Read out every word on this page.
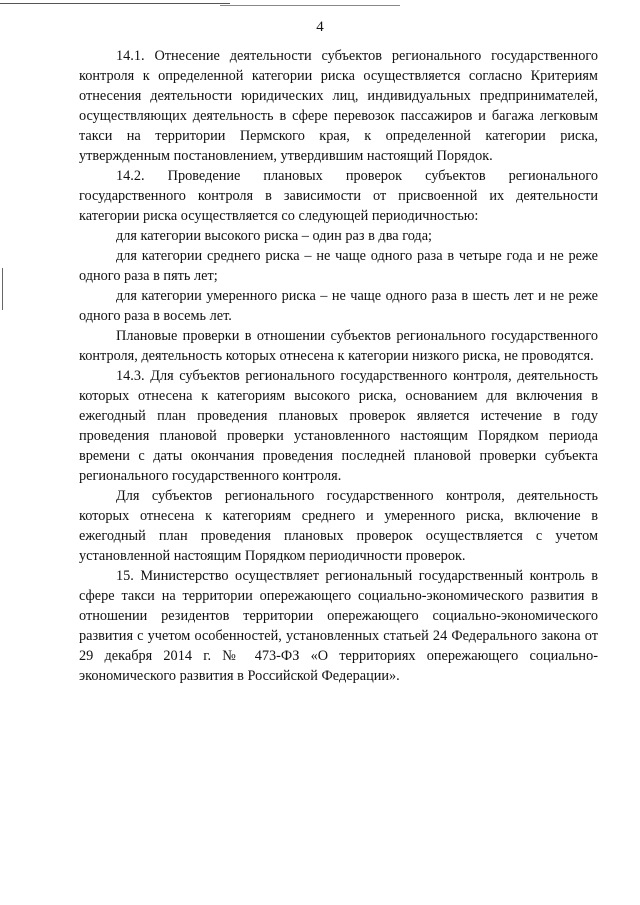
4

14.1. Отнесение деятельности субъектов регионального государственного контроля к определенной категории риска осуществляется согласно Критериям отнесения деятельности юридических лиц, индивидуальных предпринимателей, осуществляющих деятельность в сфере перевозок пассажиров и багажа легковым такси на территории Пермского края, к определенной категории риска, утвержденным постановлением, утвердившим настоящий Порядок.

14.2. Проведение плановых проверок субъектов регионального государственного контроля в зависимости от присвоенной их деятельности категории риска осуществляется со следующей периодичностью:

для категории высокого риска – один раз в два года;

для категории среднего риска – не чаще одного раза в четыре года и не реже одного раза в пять лет;

для категории умеренного риска – не чаще одного раза в шесть лет и не реже одного раза в восемь лет.

Плановые проверки в отношении субъектов регионального государственного контроля, деятельность которых отнесена к категории низкого риска, не проводятся.

14.3. Для субъектов регионального государственного контроля, деятельность которых отнесена к категориям высокого риска, основанием для включения в ежегодный план проведения плановых проверок является истечение в году проведения плановой проверки установленного настоящим Порядком периода времени с даты окончания проведения последней плановой проверки субъекта регионального государственного контроля.

Для субъектов регионального государственного контроля, деятельность которых отнесена к категориям среднего и умеренного риска, включение в ежегодный план проведения плановых проверок осуществляется с учетом установленной настоящим Порядком периодичности проверок.

15. Министерство осуществляет региональный государственный контроль в сфере такси на территории опережающего социально-экономического развития в отношении резидентов территории опережающего социально-экономического развития с учетом особенностей, установленных статьей 24 Федерального закона от 29 декабря 2014 г. № 473-ФЗ «О территориях опережающего социально-экономического развития в Российской Федерации».
